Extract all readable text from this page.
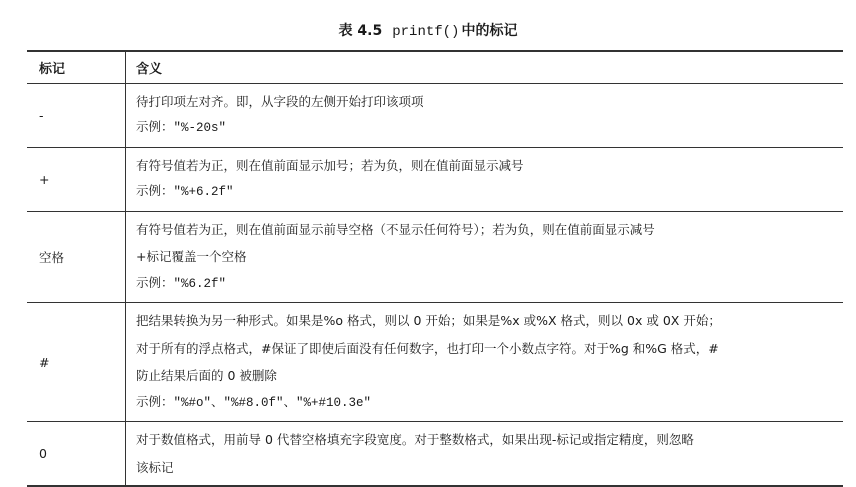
表 4.5 printf() 中的标记
标记	含义
-	待打印项左对齐。即，从字段的左侧开始打印该项项
示例："%-20s"

+	有符号值若为正，则在值前面显示加号；若为负，则在值前面显示减号
示例："%+6.2f"

空格	有符号值若为正，则在值前面显示前导空格（不显示任何符号）；若为负，则在值前面显示减号
+标记覆盖一个空格
示例："%6.2f"

#	把结果转换为另一种形式。如果是%o 格式，则以 0 开始；如果是%x 或%X 格式，则以 0x 或 0X 开始；
对于所有的浮点格式，#保证了即使后面没有任何数字，也打印一个小数点字符。对于%g 和%G 格式，#
防止结果后面的 0 被删除
示例："%#o"、"%#8.0f"、"%+#10.3e"

0	对于数值格式，用前导 0 代替空格填充字段宽度。对于整数格式，如果出现-标记或指定精度，则忽略
该标记
